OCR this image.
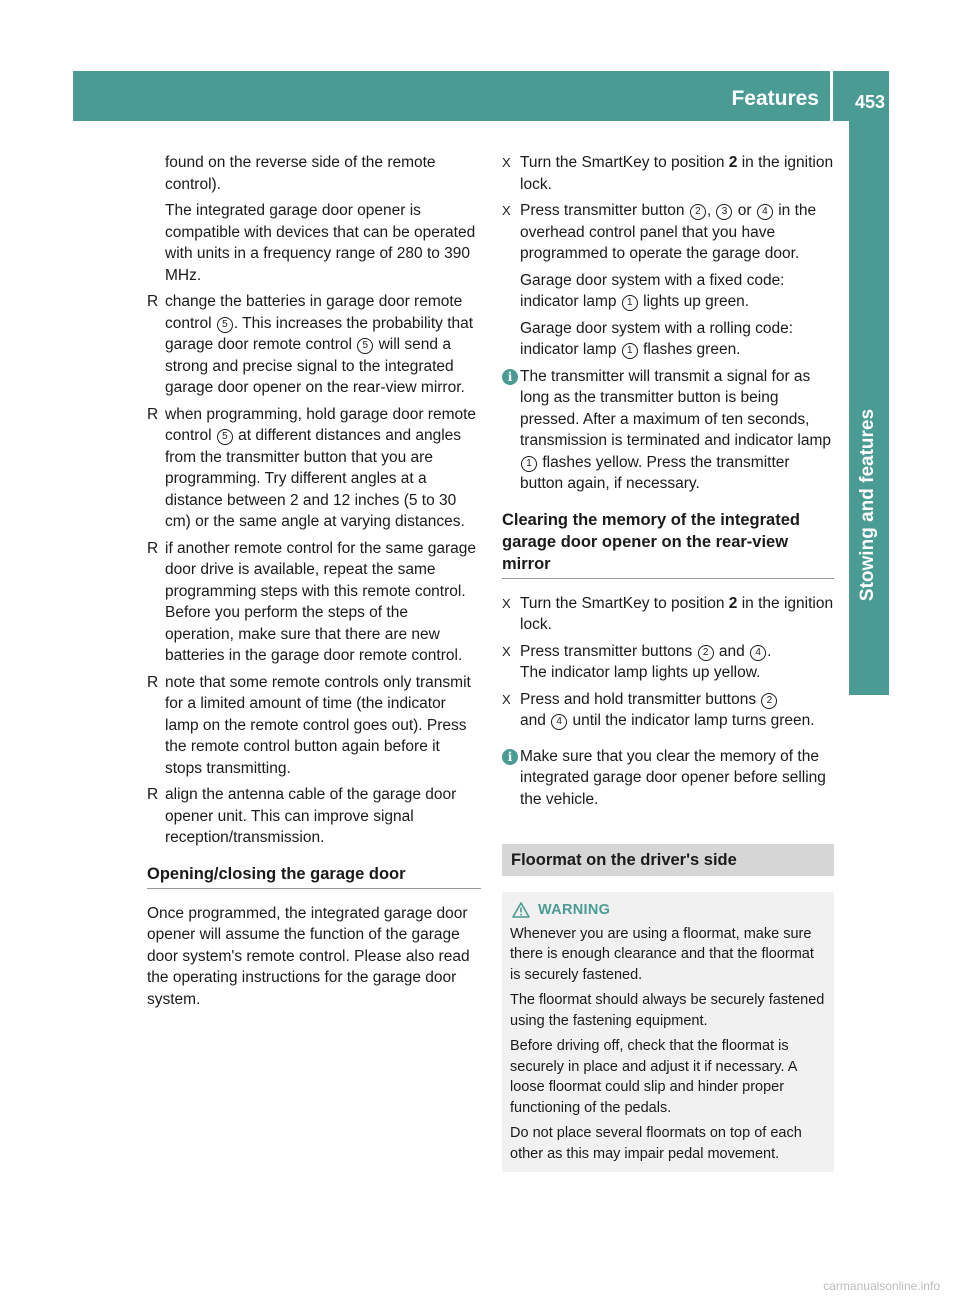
Features 453
Stowing and features

found on the reverse side of the remote control).

The integrated garage door opener is compatible with devices that can be operated with units in a frequency range of 280 to 390 MHz.

R change the batteries in garage door remote control 5 . This increases the probability that garage door remote control 5 will send a strong and precise signal to the integrated garage door opener on the rear-view mirror.
R when programming, hold garage door remote control 5 at different distances and angles from the transmitter button that you are programming. Try different angles at a distance between 2 and 12 inches (5 to 30 cm) or the same angle at varying distances.
R if another remote control for the same garage door drive is available, repeat the same programming steps with this remote control. Before you perform the steps of the operation, make sure that there are new batteries in the garage door remote control.
R note that some remote controls only transmit for a limited amount of time (the indicator lamp on the remote control goes out). Press the remote control button again before it stops transmitting.
R align the antenna cable of the garage door opener unit. This can improve signal reception/transmission.
Opening/closing the garage door

Once programmed, the integrated garage door opener will assume the function of the garage door system's remote control. Please also read the operating instructions for the garage door system.

X Turn the SmartKey to position 2 in the ignition lock.
X Press transmitter button 2 , 3 or 4 in the overhead control panel that you have programmed to operate the garage door.

Garage door system with a fixed code: indicator lamp 1 lights up green.

Garage door system with a rolling code: indicator lamp 1 flashes green.

i The transmitter will transmit a signal for as long as the transmitter button is being pressed. After a maximum of ten seconds, transmission is terminated and indicator lamp 1 flashes yellow. Press the transmitter button again, if necessary.
Clearing the memory of the integrated garage door opener on the rear-view mirror
X Turn the SmartKey to position 2 in the ignition lock.
X Press transmitter buttons 2 and 4 .
The indicator lamp lights up yellow.
X Press and hold transmitter buttons 2
and 4 until the indicator lamp turns green.
i Make sure that you clear the memory of the integrated garage door opener before selling the vehicle.
Floormat on the driver's side
WARNING

Whenever you are using a floormat, make sure there is enough clearance and that the floormat is securely fastened.

The floormat should always be securely fastened using the fastening equipment.

Before driving off, check that the floormat is securely in place and adjust it if necessary. A loose floormat could slip and hinder proper functioning of the pedals.

Do not place several floormats on top of each other as this may impair pedal movement.

carmanualsonline.info
